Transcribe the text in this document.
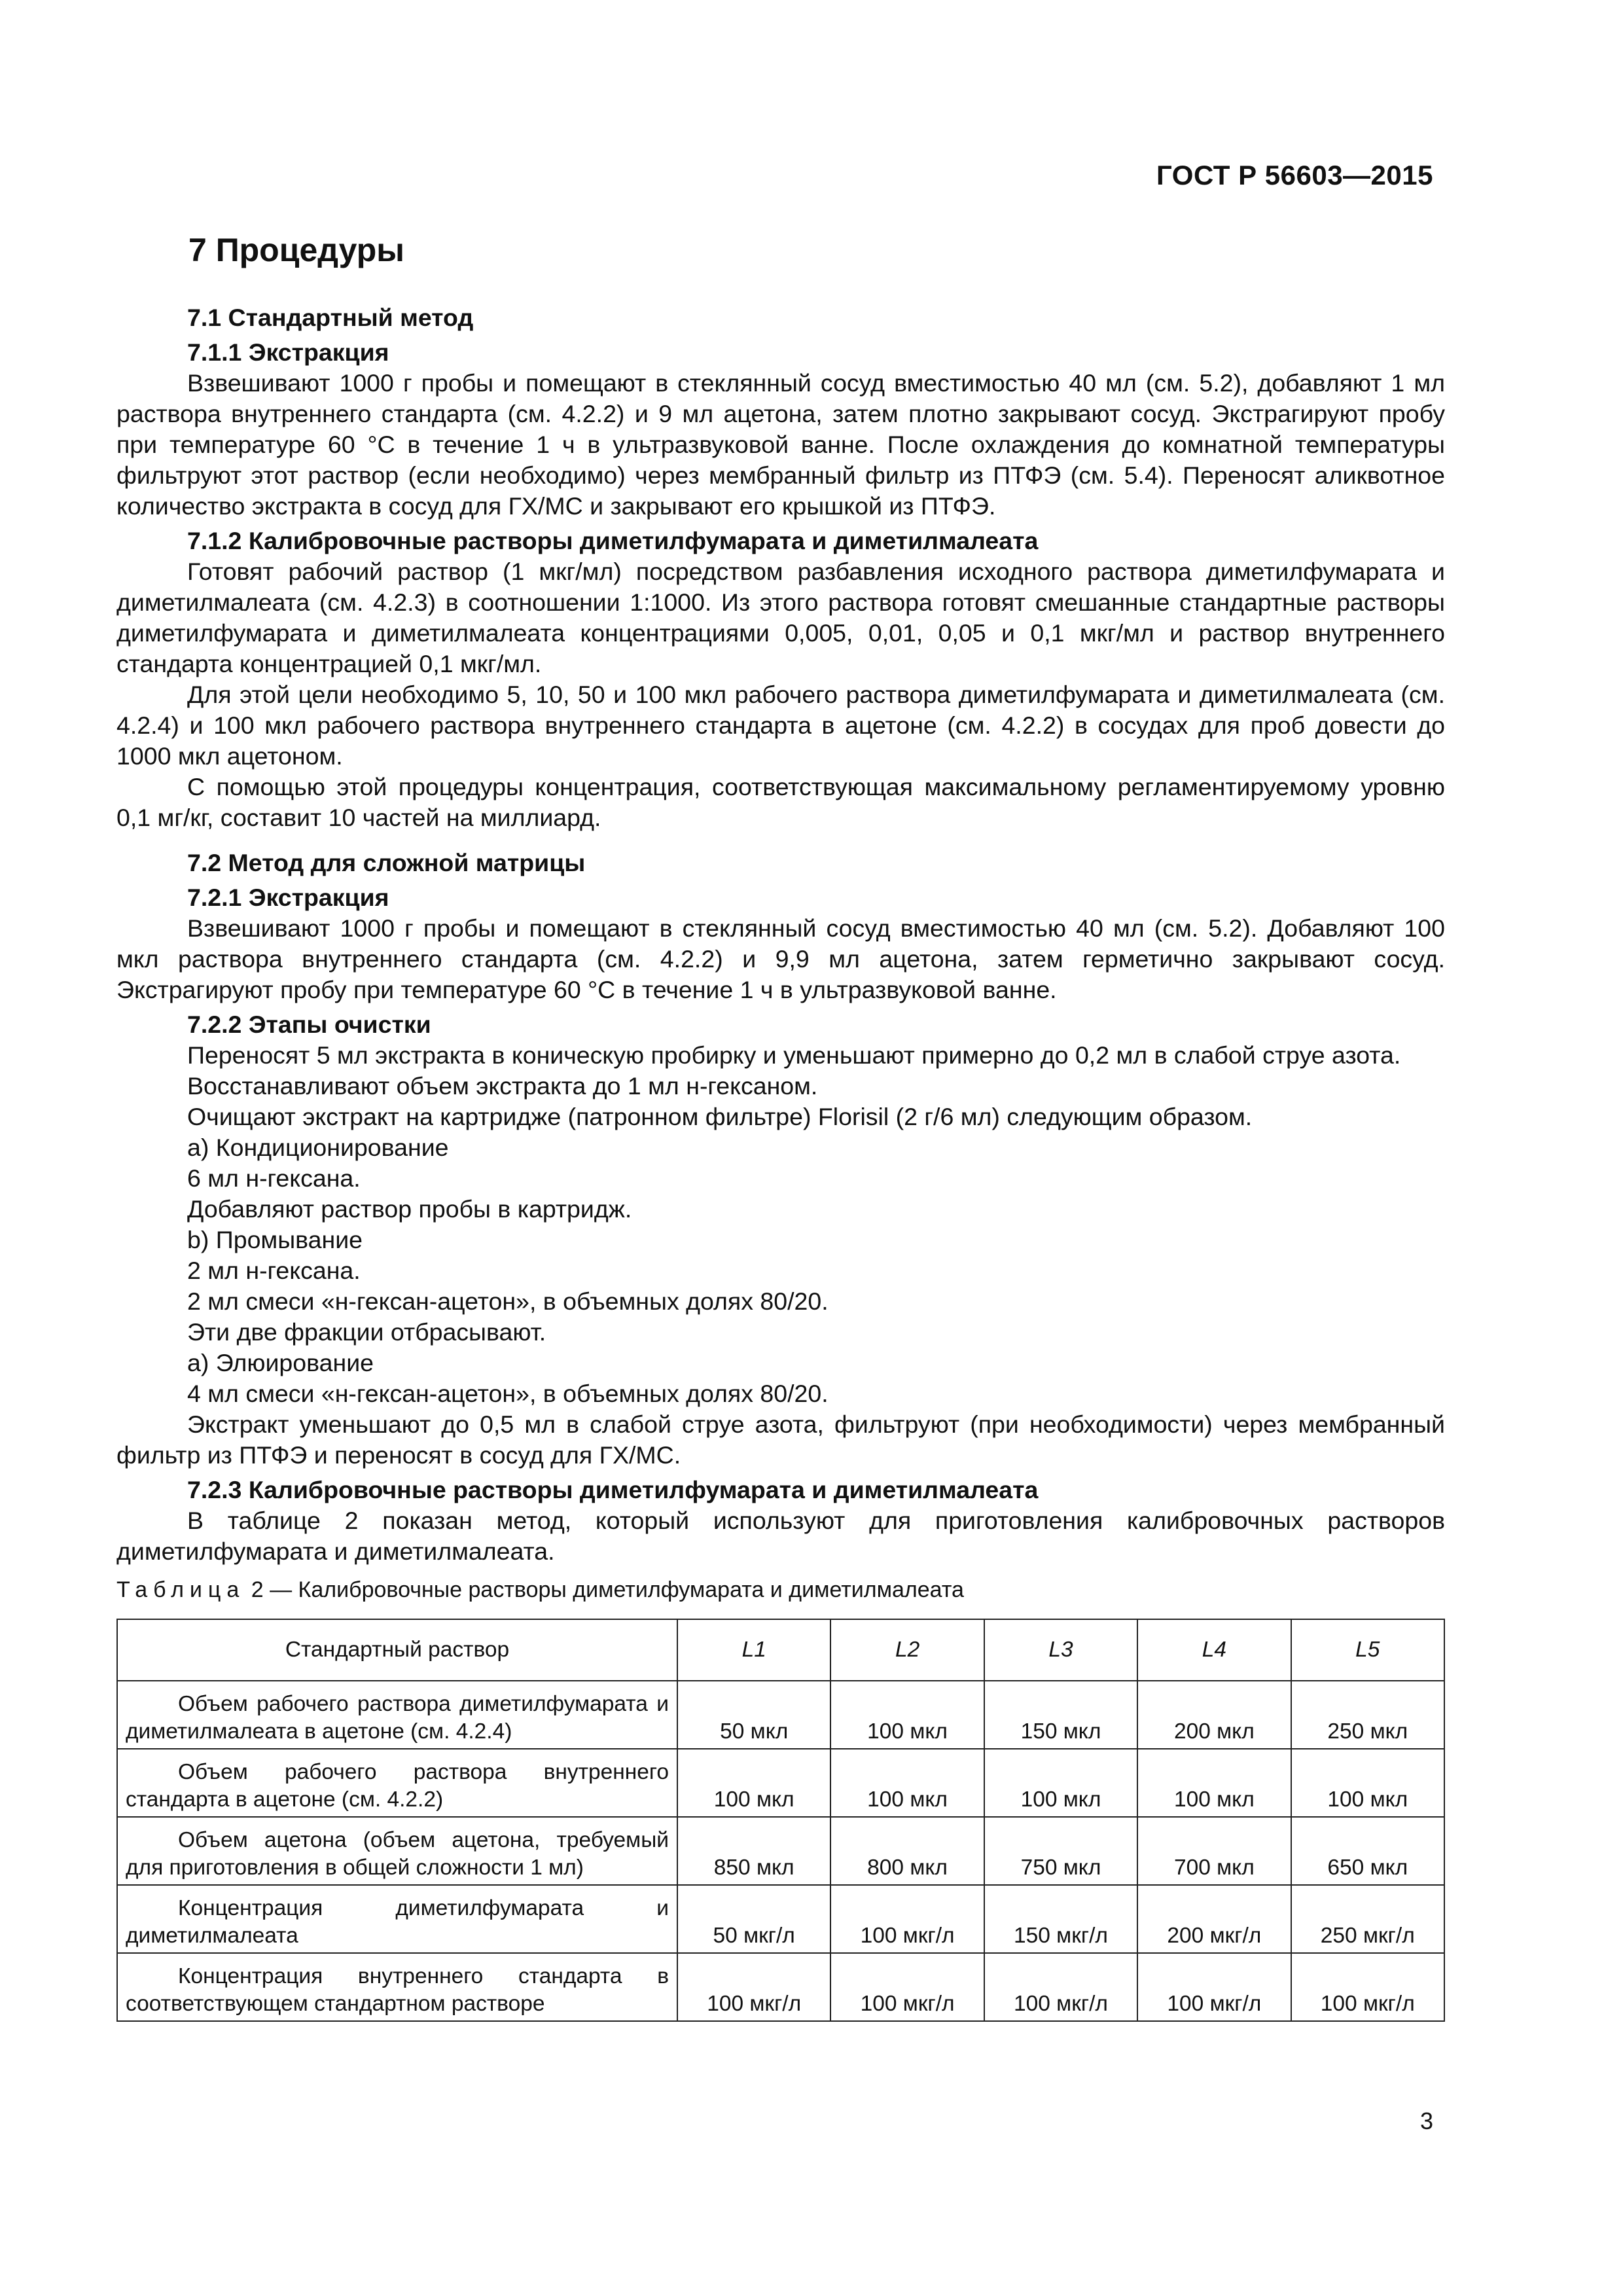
ГОСТ Р 56603—2015
7 Процедуры
7.1 Стандартный метод
7.1.1 Экстракция

Взвешивают 1000 г пробы и помещают в стеклянный сосуд вместимостью 40 мл (см. 5.2), добавляют 1 мл раствора внутреннего стандарта (см. 4.2.2) и 9 мл ацетона, затем плотно закрывают сосуд. Экстрагируют пробу при температуре 60 °С в течение 1 ч в ультразвуковой ванне. После охлаждения до комнатной температуры фильтруют этот раствор (если необходимо) через мембранный фильтр из ПТФЭ (см. 5.4). Переносят аликвотное количество экстракта в сосуд для ГХ/МС и закрывают его крышкой из ПТФЭ.

7.1.2 Калибровочные растворы диметилфумарата и диметилмалеата

Готовят рабочий раствор (1 мкг/мл) посредством разбавления исходного раствора диметилфумарата и диметилмалеата (см. 4.2.3) в соотношении 1:1000. Из этого раствора готовят смешанные стандартные растворы диметилфумарата и диметилмалеата концентрациями 0,005, 0,01, 0,05 и 0,1 мкг/мл и раствор внутреннего стандарта концентрацией 0,1 мкг/мл.

Для этой цели необходимо 5, 10, 50 и 100 мкл рабочего раствора диметилфумарата и диметилмалеата (см. 4.2.4) и 100 мкл рабочего раствора внутреннего стандарта в ацетоне (см. 4.2.2) в сосудах для проб довести до 1000 мкл ацетоном.

С помощью этой процедуры концентрация, соответствующая максимальному регламентируемому уровню 0,1 мг/кг, составит 10 частей на миллиард.

7.2 Метод для сложной матрицы
7.2.1 Экстракция

Взвешивают 1000 г пробы и помещают в стеклянный сосуд вместимостью 40 мл (см. 5.2). Добавляют 100 мкл раствора внутреннего стандарта (см. 4.2.2) и 9,9 мл ацетона, затем герметично закрывают сосуд. Экстрагируют пробу при температуре 60 °С в течение 1 ч в ультразвуковой ванне.

7.2.2 Этапы очистки

Переносят 5 мл экстракта в коническую пробирку и уменьшают примерно до 0,2 мл в слабой струе азота.

Восстанавливают объем экстракта до 1 мл н-гексаном.

Очищают экстракт на картридже (патронном фильтре) Florisil (2 г/6 мл) следующим образом.

a) Кондиционирование

6 мл н-гексана.

Добавляют раствор пробы в картридж.

b) Промывание

2 мл н-гексана.

2 мл смеси «н-гексан-ацетон», в объемных долях 80/20.

Эти две фракции отбрасывают.

а) Элюирование

4 мл смеси «н-гексан-ацетон», в объемных долях 80/20.

Экстракт уменьшают до 0,5 мл в слабой струе азота, фильтруют (при необходимости) через мембранный фильтр из ПТФЭ и переносят в сосуд для ГХ/МС.

7.2.3 Калибровочные растворы диметилфумарата и диметилмалеата

В таблице 2 показан метод, который используют для приготовления калибровочных растворов диметилфумарата и диметилмалеата.

Таблица 2 — Калибровочные растворы диметилфумарата и диметилмалеата
Стандартный раствор	L1	L2	L3	L4	L5
Объем рабочего раствора диметилфумарата и диметилмалеата в ацетоне (см. 4.2.4)	50 мкл	100 мкл	150 мкл	200 мкл	250 мкл
Объем рабочего раствора внутреннего стандарта в ацетоне (см. 4.2.2)	100 мкл	100 мкл	100 мкл	100 мкл	100 мкл
Объем ацетона (объем ацетона, требуемый для приготовления в общей сложности 1 мл)	850 мкл	800 мкл	750 мкл	700 мкл	650 мкл
Концентрация диметилфумарата и диметилмалеата	50 мкг/л	100 мкг/л	150 мкг/л	200 мкг/л	250 мкг/л
Концентрация внутреннего стандарта в соответствующем стандартном растворе	100 мкг/л	100 мкг/л	100 мкг/л	100 мкг/л	100 мкг/л
3
